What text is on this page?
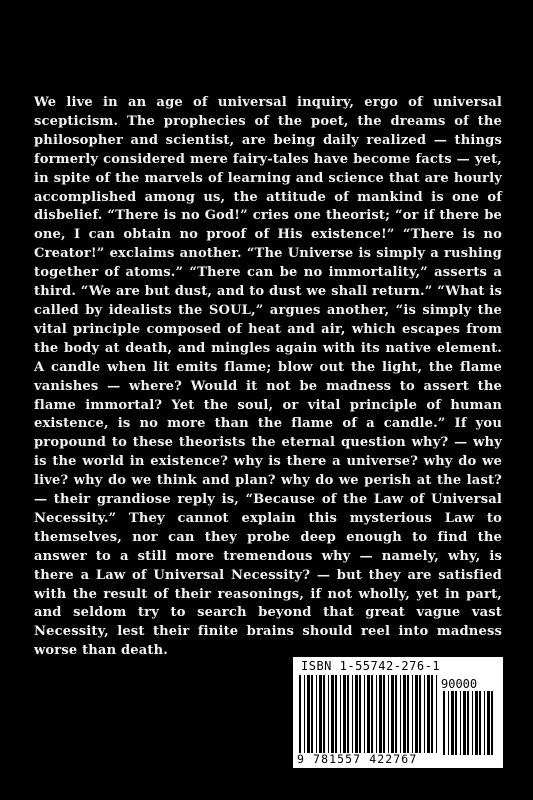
We live in an age of universal inquiry, ergo of universal scepticism. The prophecies of the poet, the dreams of the philosopher and scientist, are being daily realized — things formerly considered mere fairy-tales have become facts — yet, in spite of the marvels of learning and science that are hourly accomplished among us, the attitude of mankind is one of disbelief. “There is no God!” cries one theorist; “or if there be one, I can obtain no proof of His existence!” “There is no Creator!” exclaims another. “The Universe is simply a rushing together of atoms.” “There can be no immortality,” asserts a third. “We are but dust, and to dust we shall return.” “What is called by idealists the SOUL,” argues another, “is simply the vital principle composed of heat and air, which escapes from the body at death, and mingles again with its native element. A candle when lit emits flame; blow out the light, the flame vanishes — where? Would it not be madness to assert the flame immortal? Yet the soul, or vital principle of human existence, is no more than the flame of a candle.” If you propound to these theorists the eternal question why? — why is the world in existence? why is there a universe? why do we live? why do we think and plan? why do we perish at the last? — their grandiose reply is, “Because of the Law of Universal Necessity.” They cannot explain this mysterious Law to themselves, nor can they probe deep enough to find the answer to a still more tremendous why — namely, why, is there a Law of Universal Necessity? — but they are satisfied with the result of their reasonings, if not wholly, yet in part, and seldom try to search beyond that great vague vast Necessity, lest their finite brains should reel into madness worse than death.

ISBN 1-55742-276-1
90000
9 781557 422767
